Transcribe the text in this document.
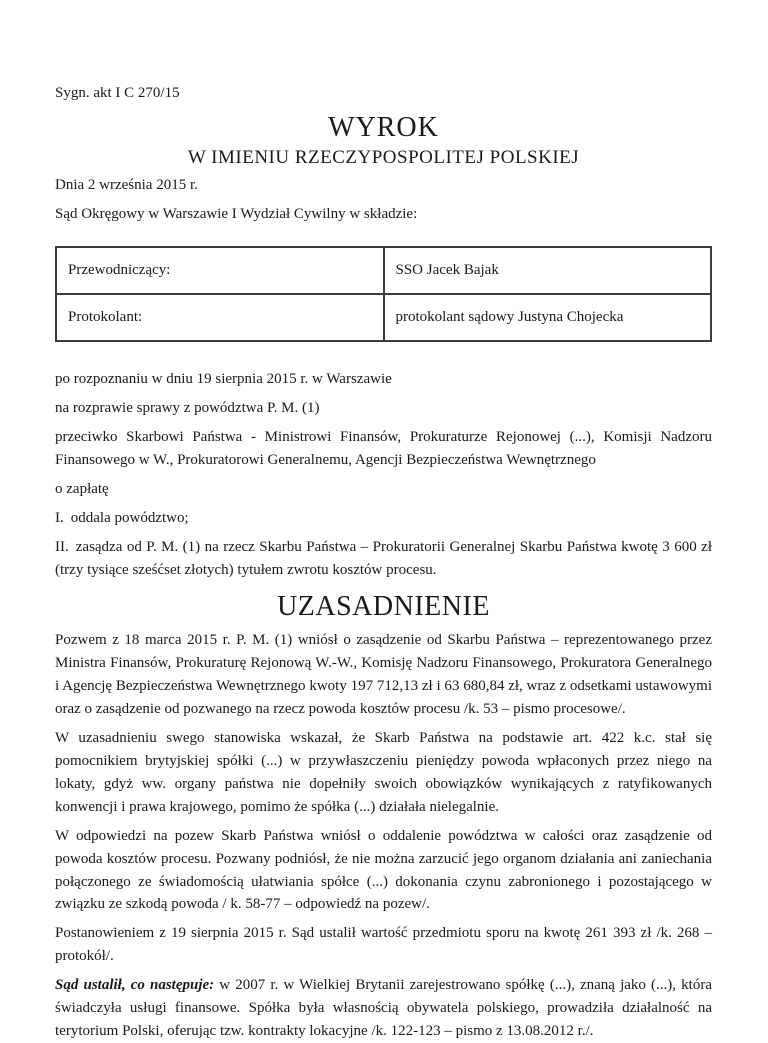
Sygn. akt I C 270/15
WYROK
W IMIENIU RZECZYPOSPOLITEJ POLSKIEJ

Dnia 2 września 2015 r.

Sąd Okręgowy w Warszawie I Wydział Cywilny w składzie:

Przewodniczący:	SSO Jacek Bajak
Protokolant:	protokolant sądowy Justyna Chojecka

po rozpoznaniu w dniu 19 sierpnia 2015 r. w Warszawie

na rozprawie sprawy z powództwa P. M. (1)

przeciwko Skarbowi Państwa - Ministrowi Finansów, Prokuraturze Rejonowej (...), Komisji Nadzoru Finansowego w W., Prokuratorowi Generalnemu, Agencji Bezpieczeństwa Wewnętrznego

o zapłatę

I. oddala powództwo;
II. zasądza od P. M. (1) na rzecz Skarbu Państwa – Prokuratorii Generalnej Skarbu Państwa kwotę 3 600 zł (trzy tysiące sześćset złotych) tytułem zwrotu kosztów procesu.
UZASADNIENIE

Pozwem z 18 marca 2015 r. P. M. (1) wniósł o zasądzenie od Skarbu Państwa – reprezentowanego przez Ministra Finansów, Prokuraturę Rejonową W.-W., Komisję Nadzoru Finansowego, Prokuratora Generalnego i Agencję Bezpieczeństwa Wewnętrznego kwoty 197 712,13 zł i 63 680,84 zł, wraz z odsetkami ustawowymi oraz o zasądzenie od pozwanego na rzecz powoda kosztów procesu /k. 53 – pismo procesowe/.

W uzasadnieniu swego stanowiska wskazał, że Skarb Państwa na podstawie art. 422 k.c. stał się pomocnikiem brytyjskiej spółki (...) w przywłaszczeniu pieniędzy powoda wpłaconych przez niego na lokaty, gdyż ww. organy państwa nie dopełniły swoich obowiązków wynikających z ratyfikowanych konwencji i prawa krajowego, pomimo że spółka (...) działała nielegalnie.

W odpowiedzi na pozew Skarb Państwa wniósł o oddalenie powództwa w całości oraz zasądzenie od powoda kosztów procesu. Pozwany podniósł, że nie można zarzucić jego organom działania ani zaniechania połączonego ze świadomością ułatwiania spółce (...) dokonania czynu zabronionego i pozostającego w związku ze szkodą powoda / k. 58-77 – odpowiedź na pozew/.

Postanowieniem z 19 sierpnia 2015 r. Sąd ustalił wartość przedmiotu sporu na kwotę 261 393 zł /k. 268 – protokół/.

Sąd ustalił, co następuje: w 2007 r. w Wielkiej Brytanii zarejestrowano spółkę (...), znaną jako (...), która świadczyła usługi finansowe. Spółka była własnością obywatela polskiego, prowadziła działalność na terytorium Polski, oferując tzw. kontrakty lokacyjne /k. 122-123 – pismo z 13.08.2012 r./.
